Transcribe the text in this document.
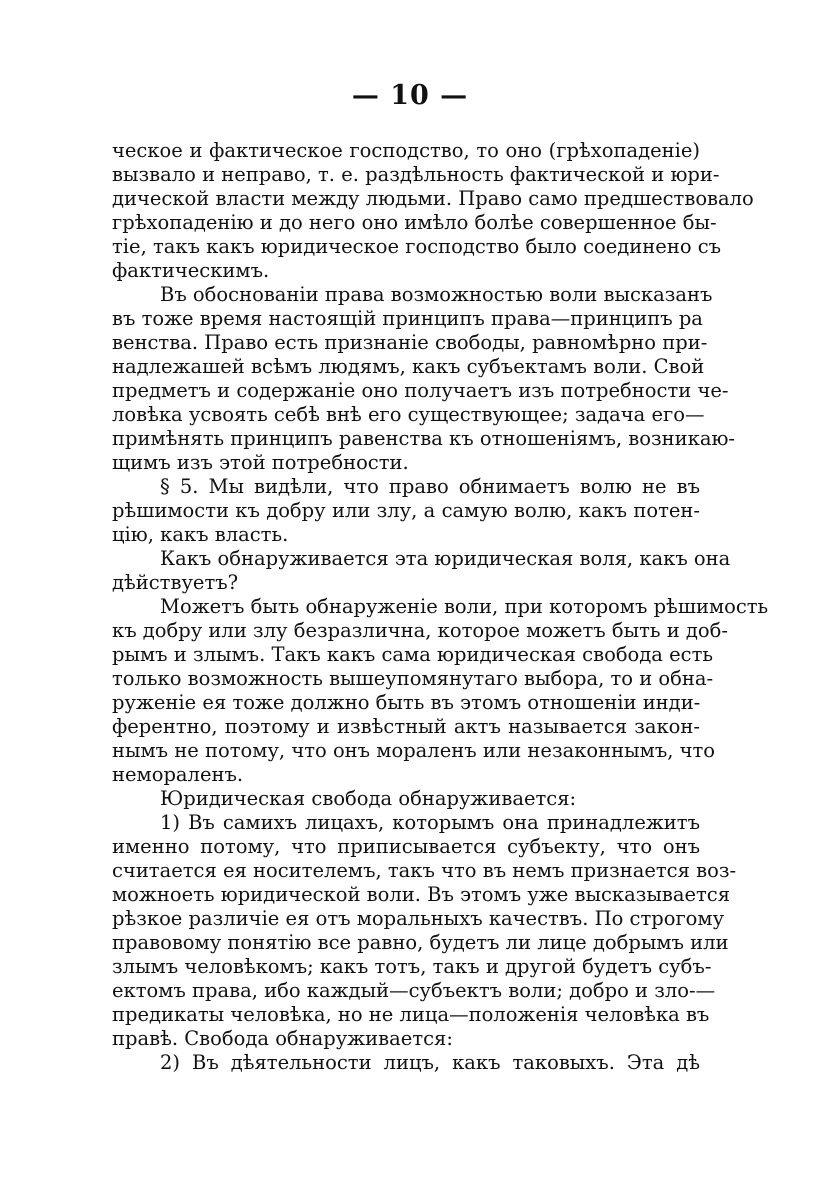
— 10 —
ческое и фактическое господство, то оно (грѣхопаденіе)
вызвало и неправо, т. е. раздѣльность фактической и юри-
дической власти между людьми. Право само предшествовало
грѣхопаденію и до него оно имѣло болѣе совершенное бы-
тіе, такъ какъ юридическое господство было соединено съ
фактическимъ.
Въ обоснованіи права возможностью воли высказанъ
въ тоже время настоящій принципъ права—принципъ ра
венства. Право есть признаніе свободы, равномѣрно при-
надлежашей всѣмъ людямъ, какъ субъектамъ воли. Свой
предметъ и содержаніе оно получаетъ изъ потребности че-
ловѣка усвоять себѣ внѣ его существующее; задача его—
примѣнять принципъ равенства къ отношеніямъ, возникаю-
щимъ изъ этой потребности.
§ 5. Мы видѣли, что право обнимаетъ волю не въ
рѣшимости къ добру или злу, а самую волю, какъ потен-
цію, какъ власть.
Какъ обнаруживается эта юридическая воля, какъ она
дѣйствуетъ?
Можетъ быть обнаруженіе воли, при которомъ рѣшимость
къ добру или злу безразлична, которое можетъ быть и доб-
рымъ и злымъ. Такъ какъ сама юридическая свобода есть
только возможность вышеупомянутаго выбора, то и обна-
руженіе ея тоже должно быть въ этомъ отношеніи инди-
ферентно, поэтому и извѣстный актъ называется закон-
нымъ не потому, что онъ мораленъ или незаконнымъ, что
неморaленъ.
Юридическая свобода обнаруживается:
1) Въ самихъ лицахъ, которымъ она принадлежитъ
именно потому, что приписывается субъекту, что онъ
считается ея носителемъ, такъ что въ немъ признается воз-
можноеть юридической воли. Въ этомъ уже высказывается
рѣзкое различіе ея отъ моральныхъ качествъ. По строгому
правовому понятію все равно, будетъ ли лице добрымъ или
злымъ человѣкомъ; какъ тотъ, такъ и другой будетъ субъ-
ектомъ права, ибо каждый—субъектъ воли; добро и зло-—
предикаты человѣка, но не лица—положенія человѣка въ
правѣ. Свобода обнаруживается:
2) Въ дѣятельности лицъ, какъ таковыхъ. Эта дѣ
